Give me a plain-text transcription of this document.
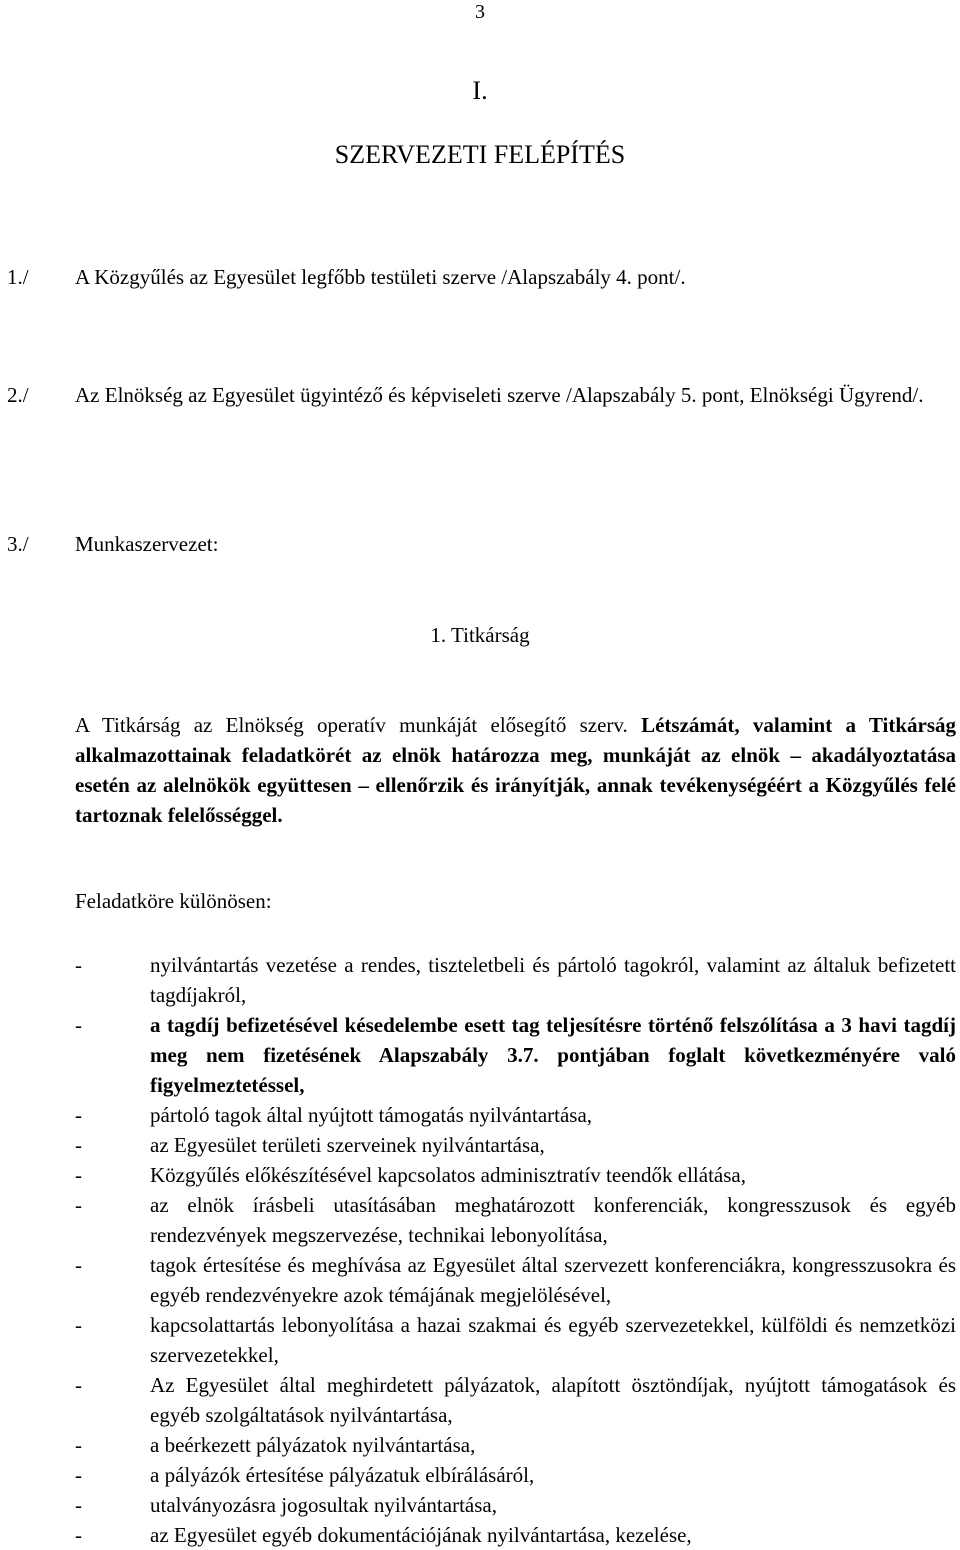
3
I.
SZERVEZETI FELÉPÍTÉS
1./ A Közgyűlés az Egyesület legfőbb testületi szerve /Alapszabály 4. pont/.
2./ Az Elnökség az Egyesület ügyintéző és képviseleti szerve /Alapszabály 5. pont, Elnökségi Ügyrend/.
3./ Munkaszervezet:
1. Titkárság
A Titkárság az Elnökség operatív munkáját elősegítő szerv. Létszámát, valamint a Titkárság alkalmazottainak feladatkörét az elnök határozza meg, munkáját az elnök – akadályoztatása esetén az alelnökök együttesen – ellenőrzik és irányítják, annak tevékenységéért a Közgyűlés felé tartoznak felelősséggel.
Feladatköre különösen:
-	nyilvántartás vezetése a rendes, tiszteletbeli és pártoló tagokról, valamint az általuk befizetett tagdíjakról,
-	a tagdíj befizetésével késedelembe esett tag teljesítésre történő felszólítása a 3 havi tagdíj meg nem fizetésének Alapszabály 3.7. pontjában foglalt következményére való figyelmeztetéssel,
-	pártoló tagok által nyújtott támogatás nyilvántartása,
-	az Egyesület területi szerveinek nyilvántartása,
-	Közgyűlés előkészítésével kapcsolatos adminisztratív teendők ellátása,
-	az elnök írásbeli utasításában meghatározott konferenciák, kongresszusok és egyéb rendezvények megszervezése, technikai lebonyolítása,
-	tagok értesítése és meghívása az Egyesület által szervezett konferenciákra, kongresszusokra és egyéb rendezvényekre azok témájának megjelölésével,
-	kapcsolattartás lebonyolítása a hazai szakmai és egyéb szervezetekkel, külföldi és nemzetközi szervezetekkel,
-	Az Egyesület által meghirdetett pályázatok, alapított ösztöndíjak, nyújtott támogatások és egyéb szolgáltatások nyilvántartása,
-	a beérkezett pályázatok nyilvántartása,
-	a pályázók értesítése pályázatuk elbírálásáról,
-	utalványozásra jogosultak nyilvántartása,
-	az Egyesület egyéb dokumentációjának nyilvántartása, kezelése,
